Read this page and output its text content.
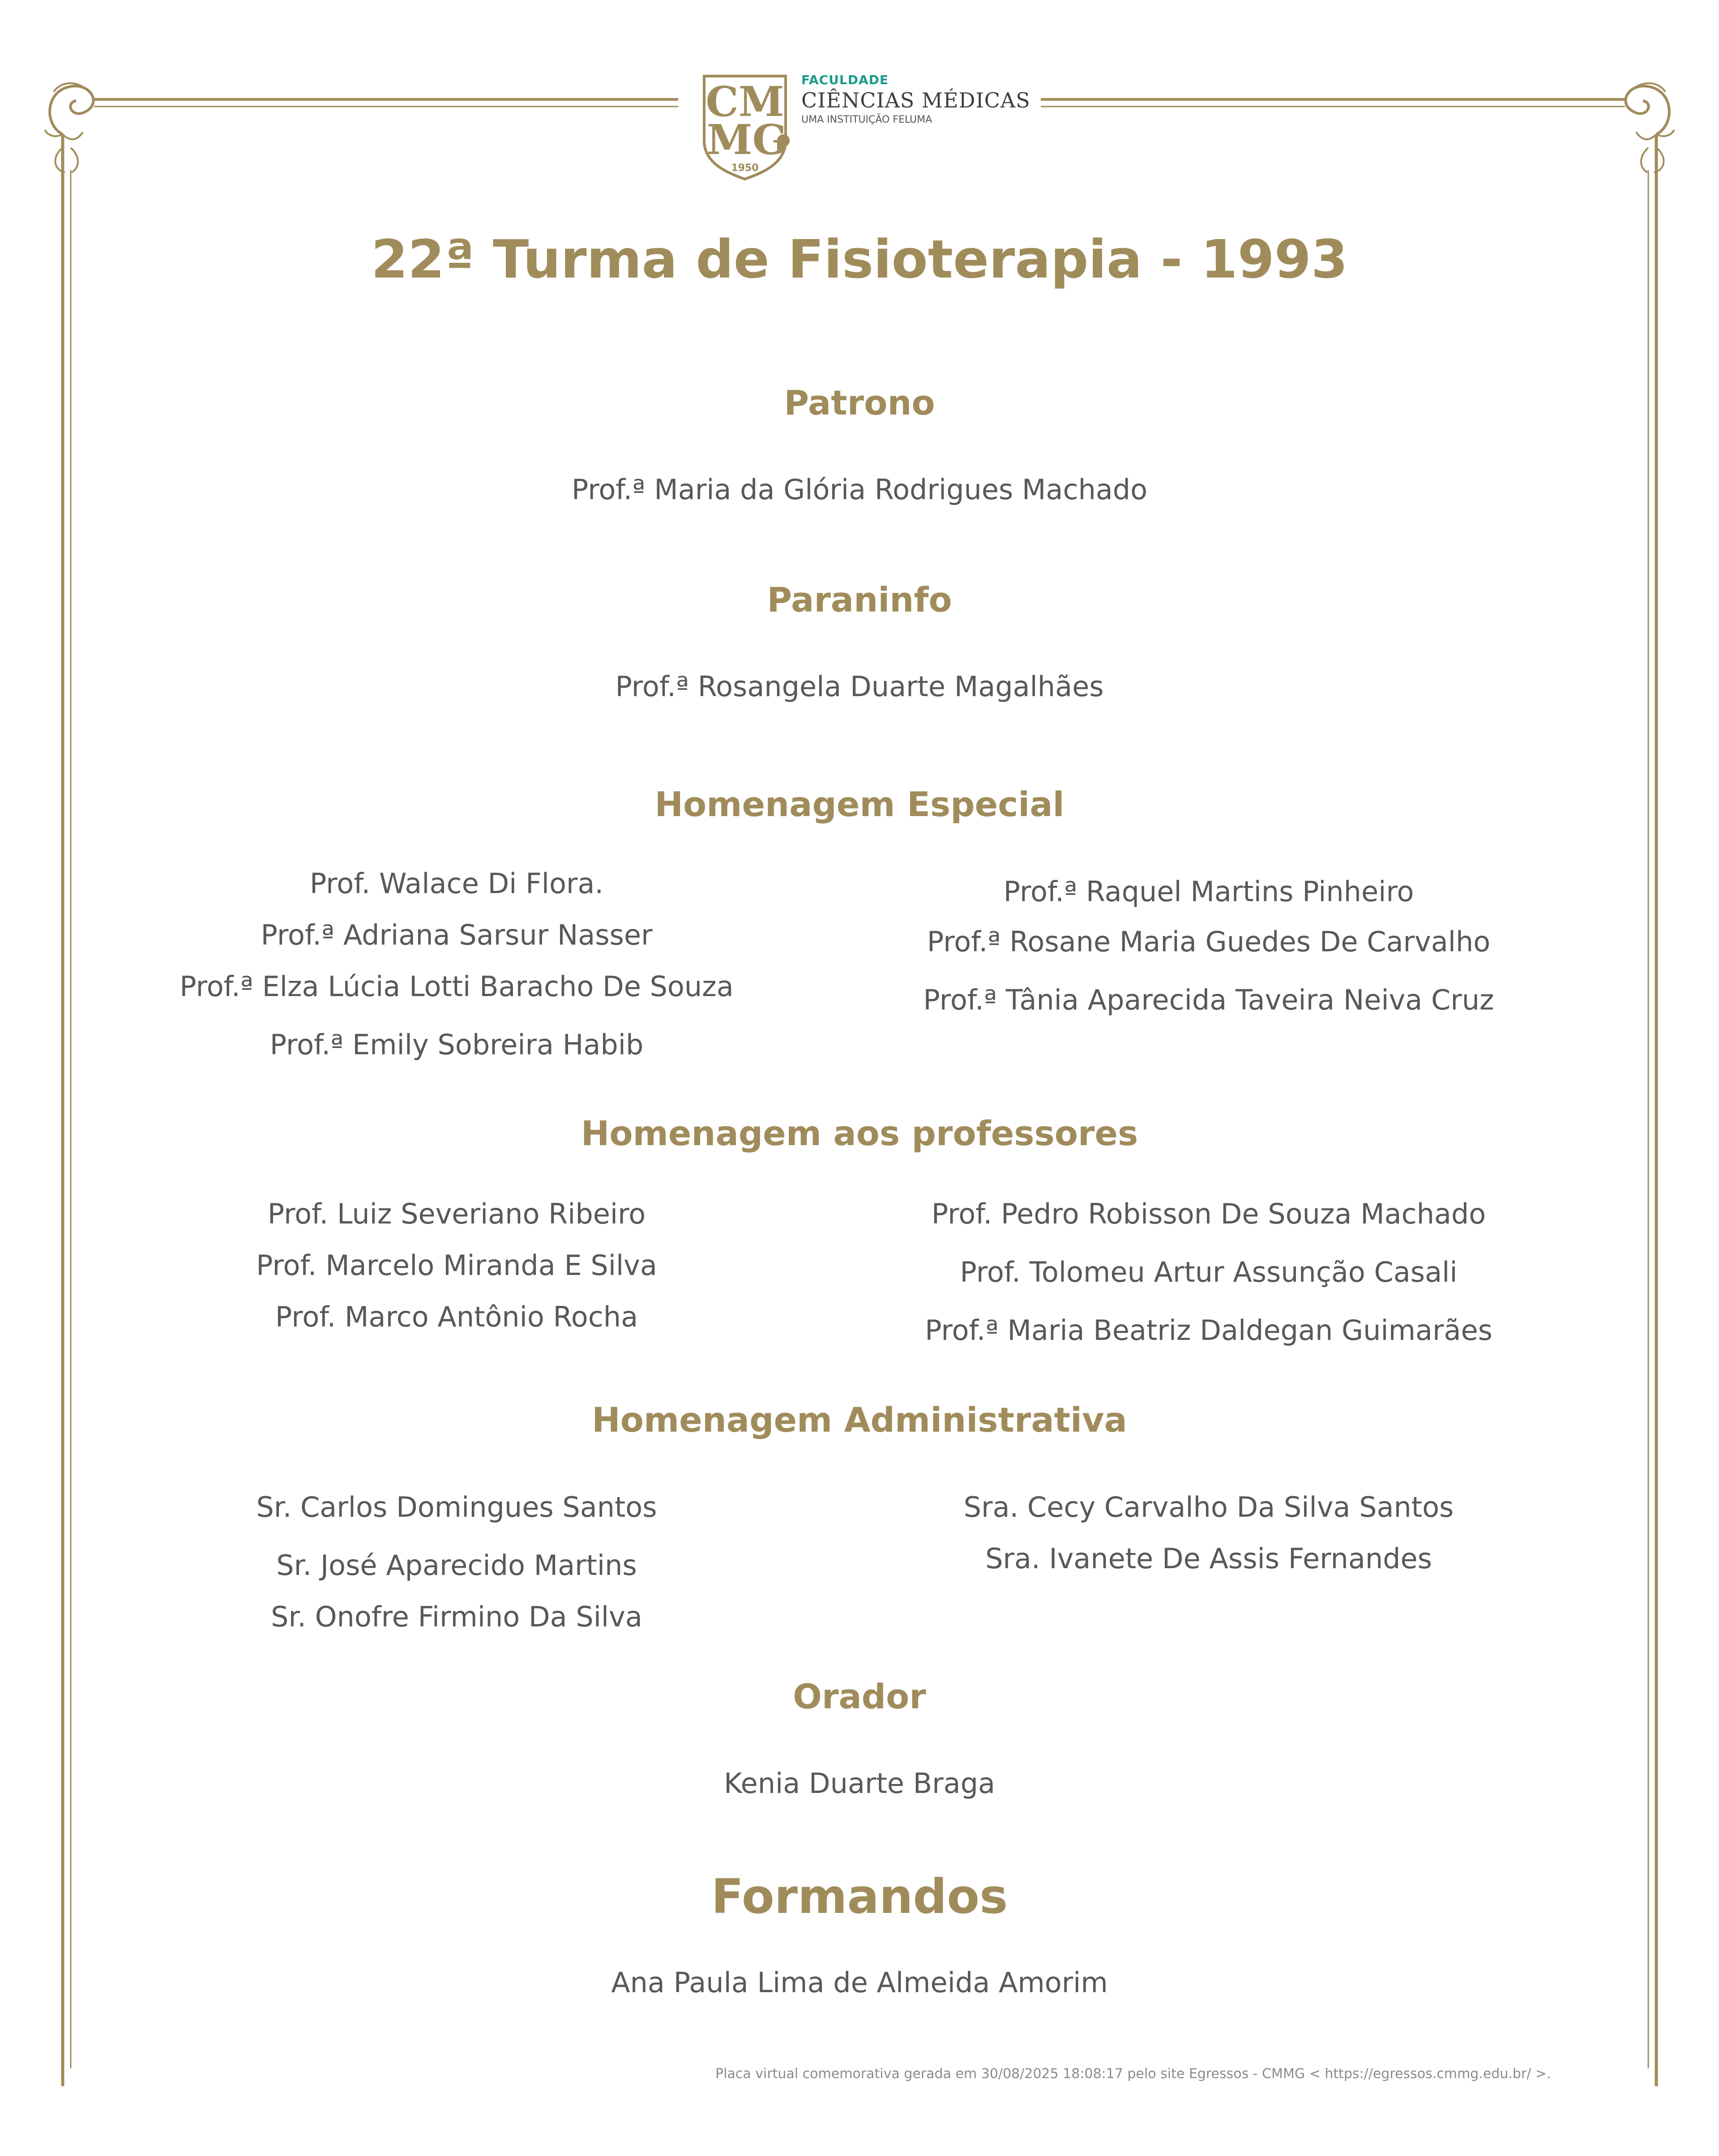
CM
MG
1950
FACULDADE
CIÊNCIAS MÉDICAS
UMA INSTITUIÇÃO FELUMA
22ª Turma de Fisioterapia - 1993
Patrono
Prof.ª Maria da Glória Rodrigues Machado
Paraninfo
Prof.ª Rosangela Duarte Magalhães
Homenagem Especial
Prof. Walace Di Flora.
Prof.ª Adriana Sarsur Nasser
Prof.ª Elza Lúcia Lotti Baracho De Souza
Prof.ª Emily Sobreira Habib
Prof.ª Raquel Martins Pinheiro
Prof.ª Rosane Maria Guedes De Carvalho
Prof.ª Tânia Aparecida Taveira Neiva Cruz
Homenagem aos professores
Prof. Luiz Severiano Ribeiro
Prof. Marcelo Miranda E Silva
Prof. Marco Antônio Rocha
Prof. Pedro Robisson De Souza Machado
Prof. Tolomeu Artur Assunção Casali
Prof.ª Maria Beatriz Daldegan Guimarães
Homenagem Administrativa
Sr. Carlos Domingues Santos
Sr. José Aparecido Martins
Sr. Onofre Firmino Da Silva
Sra. Cecy Carvalho Da Silva Santos
Sra. Ivanete De Assis Fernandes
Orador
Kenia Duarte Braga
Formandos
Ana Paula Lima de Almeida Amorim
Placa virtual comemorativa gerada em 30/08/2025 18:08:17 pelo site Egressos - CMMG < https://egressos.cmmg.edu.br/ >.
